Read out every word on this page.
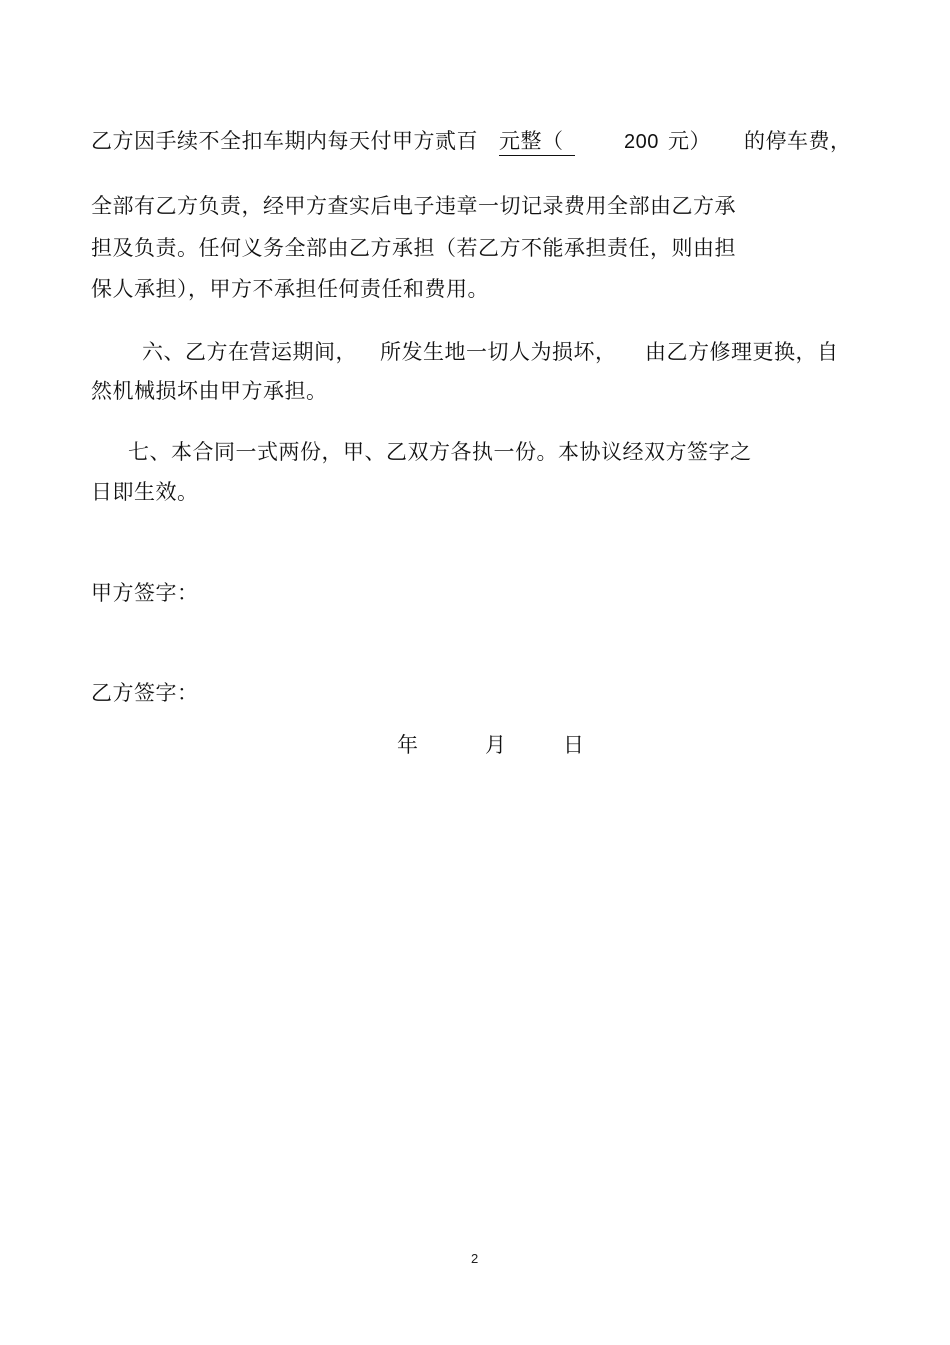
乙方因手续不全扣车期内每天付甲方贰百 元整（	200 元） 的停车费，
全部有乙方负责，经甲方查实后电子违章一切记录费用全部由乙方承
担及负责。任何义务全部由乙方承担（若乙方不能承担责任，则由担
保人承担），甲方不承担任何责任和费用。
六、乙方在营运期间， 所发生地一切人为损坏， 由乙方修理更换，自
然机械损坏由甲方承担。
七、本合同一式两份，甲、乙双方各执一份。本协议经双方签字之
日即生效。
甲方签字：
乙方签字：
年	月	日
2
